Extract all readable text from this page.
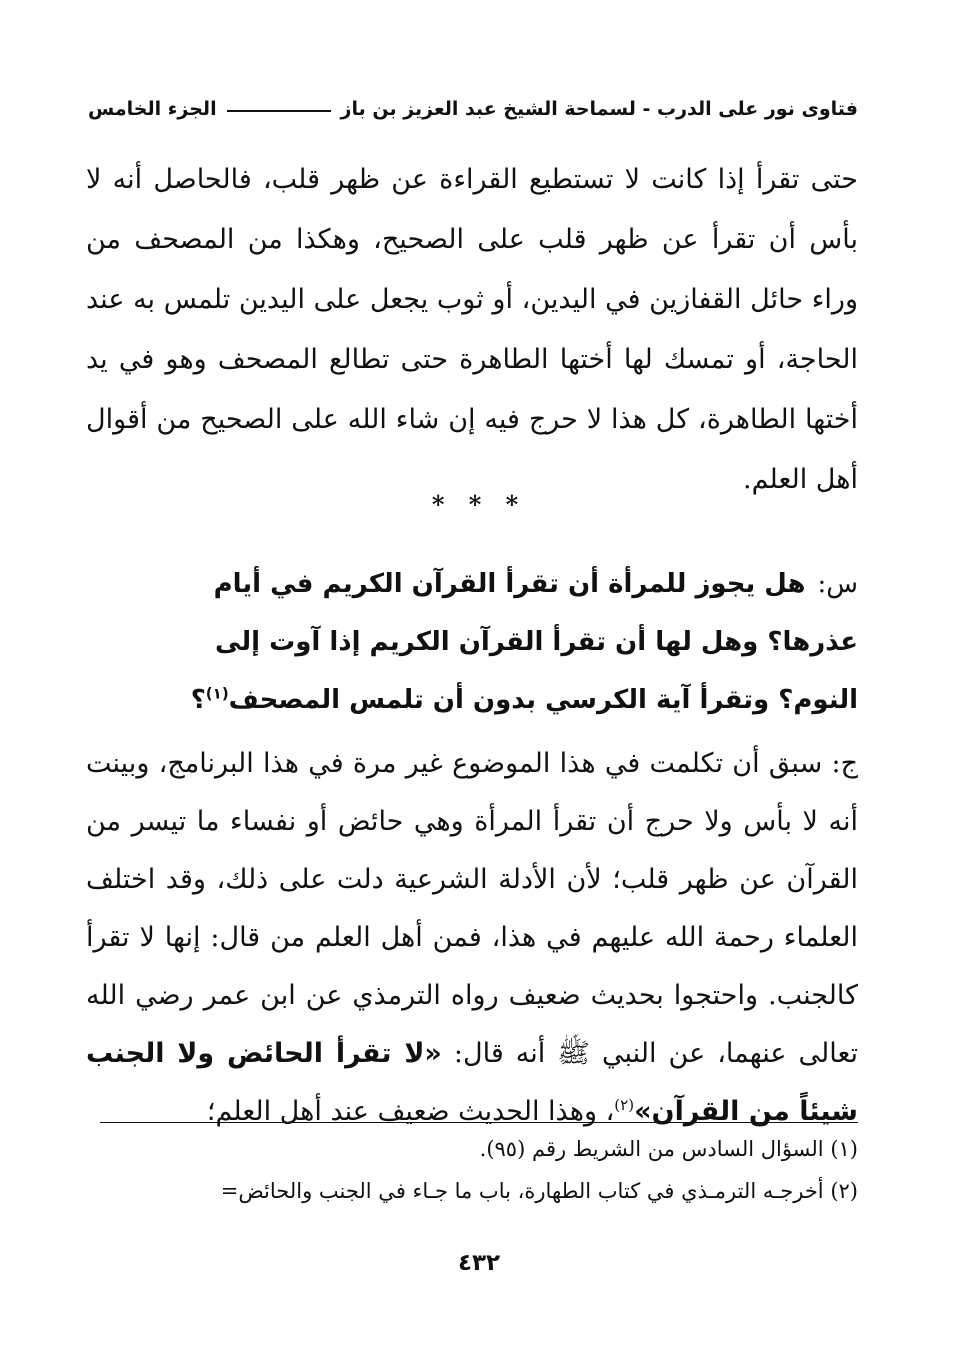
فتاوى نور على الدرب - لسماحة الشيخ عبد العزيز بن باز
الجزء الخامس
حتى تقرأ إذا كانت لا تستطيع القراءة عن ظهر قلب، فالحاصل أنه لا بأس أن تقرأ عن ظهر قلب على الصحيح، وهكذا من المصحف من وراء حائل القفازين في اليدين، أو ثوب يجعل على اليدين تلمس به عند الحاجة، أو تمسك لها أختها الطاهرة حتى تطالع المصحف وهو في يد أختها الطاهرة، كل هذا لا حرج فيه إن شاء الله على الصحيح من أقوال أهل العلم.
* * *
س:هل يجوز للمرأة أن تقرأ القرآن الكريم في أيام عذرها؟ وهل لها أن تقرأ القرآن الكريم إذا آوت إلى النوم؟ وتقرأ آية الكرسي بدون أن تلمس المصحف$^{(١)}$؟
ج: سبق أن تكلمت في هذا الموضوع غير مرة في هذا البرنامج، وبينت أنه لا بأس ولا حرج أن تقرأ المرأة وهي حائض أو نفساء ما تيسر من القرآن عن ظهر قلب؛ لأن الأدلة الشرعية دلت على ذلك، وقد اختلف العلماء رحمة الله عليهم في هذا، فمن أهل العلم من قال: إنها لا تقرأ كالجنب. واحتجوا بحديث ضعيف رواه الترمذي عن ابن عمر رضي الله تعالى عنهما، عن النبي ﷺ أنه قال: «لا تقرأ الحائض ولا الجنب شيئاً من القرآن»$^{(٢)}$، وهذا الحديث ضعيف عند أهل العلم؛
(١) السؤال السادس من الشريط رقم (٩٥).
(٢) أخرجـه الترمـذي في كتاب الطهارة، باب ما جـاء في الجنب والحائض=
٤٣٢
